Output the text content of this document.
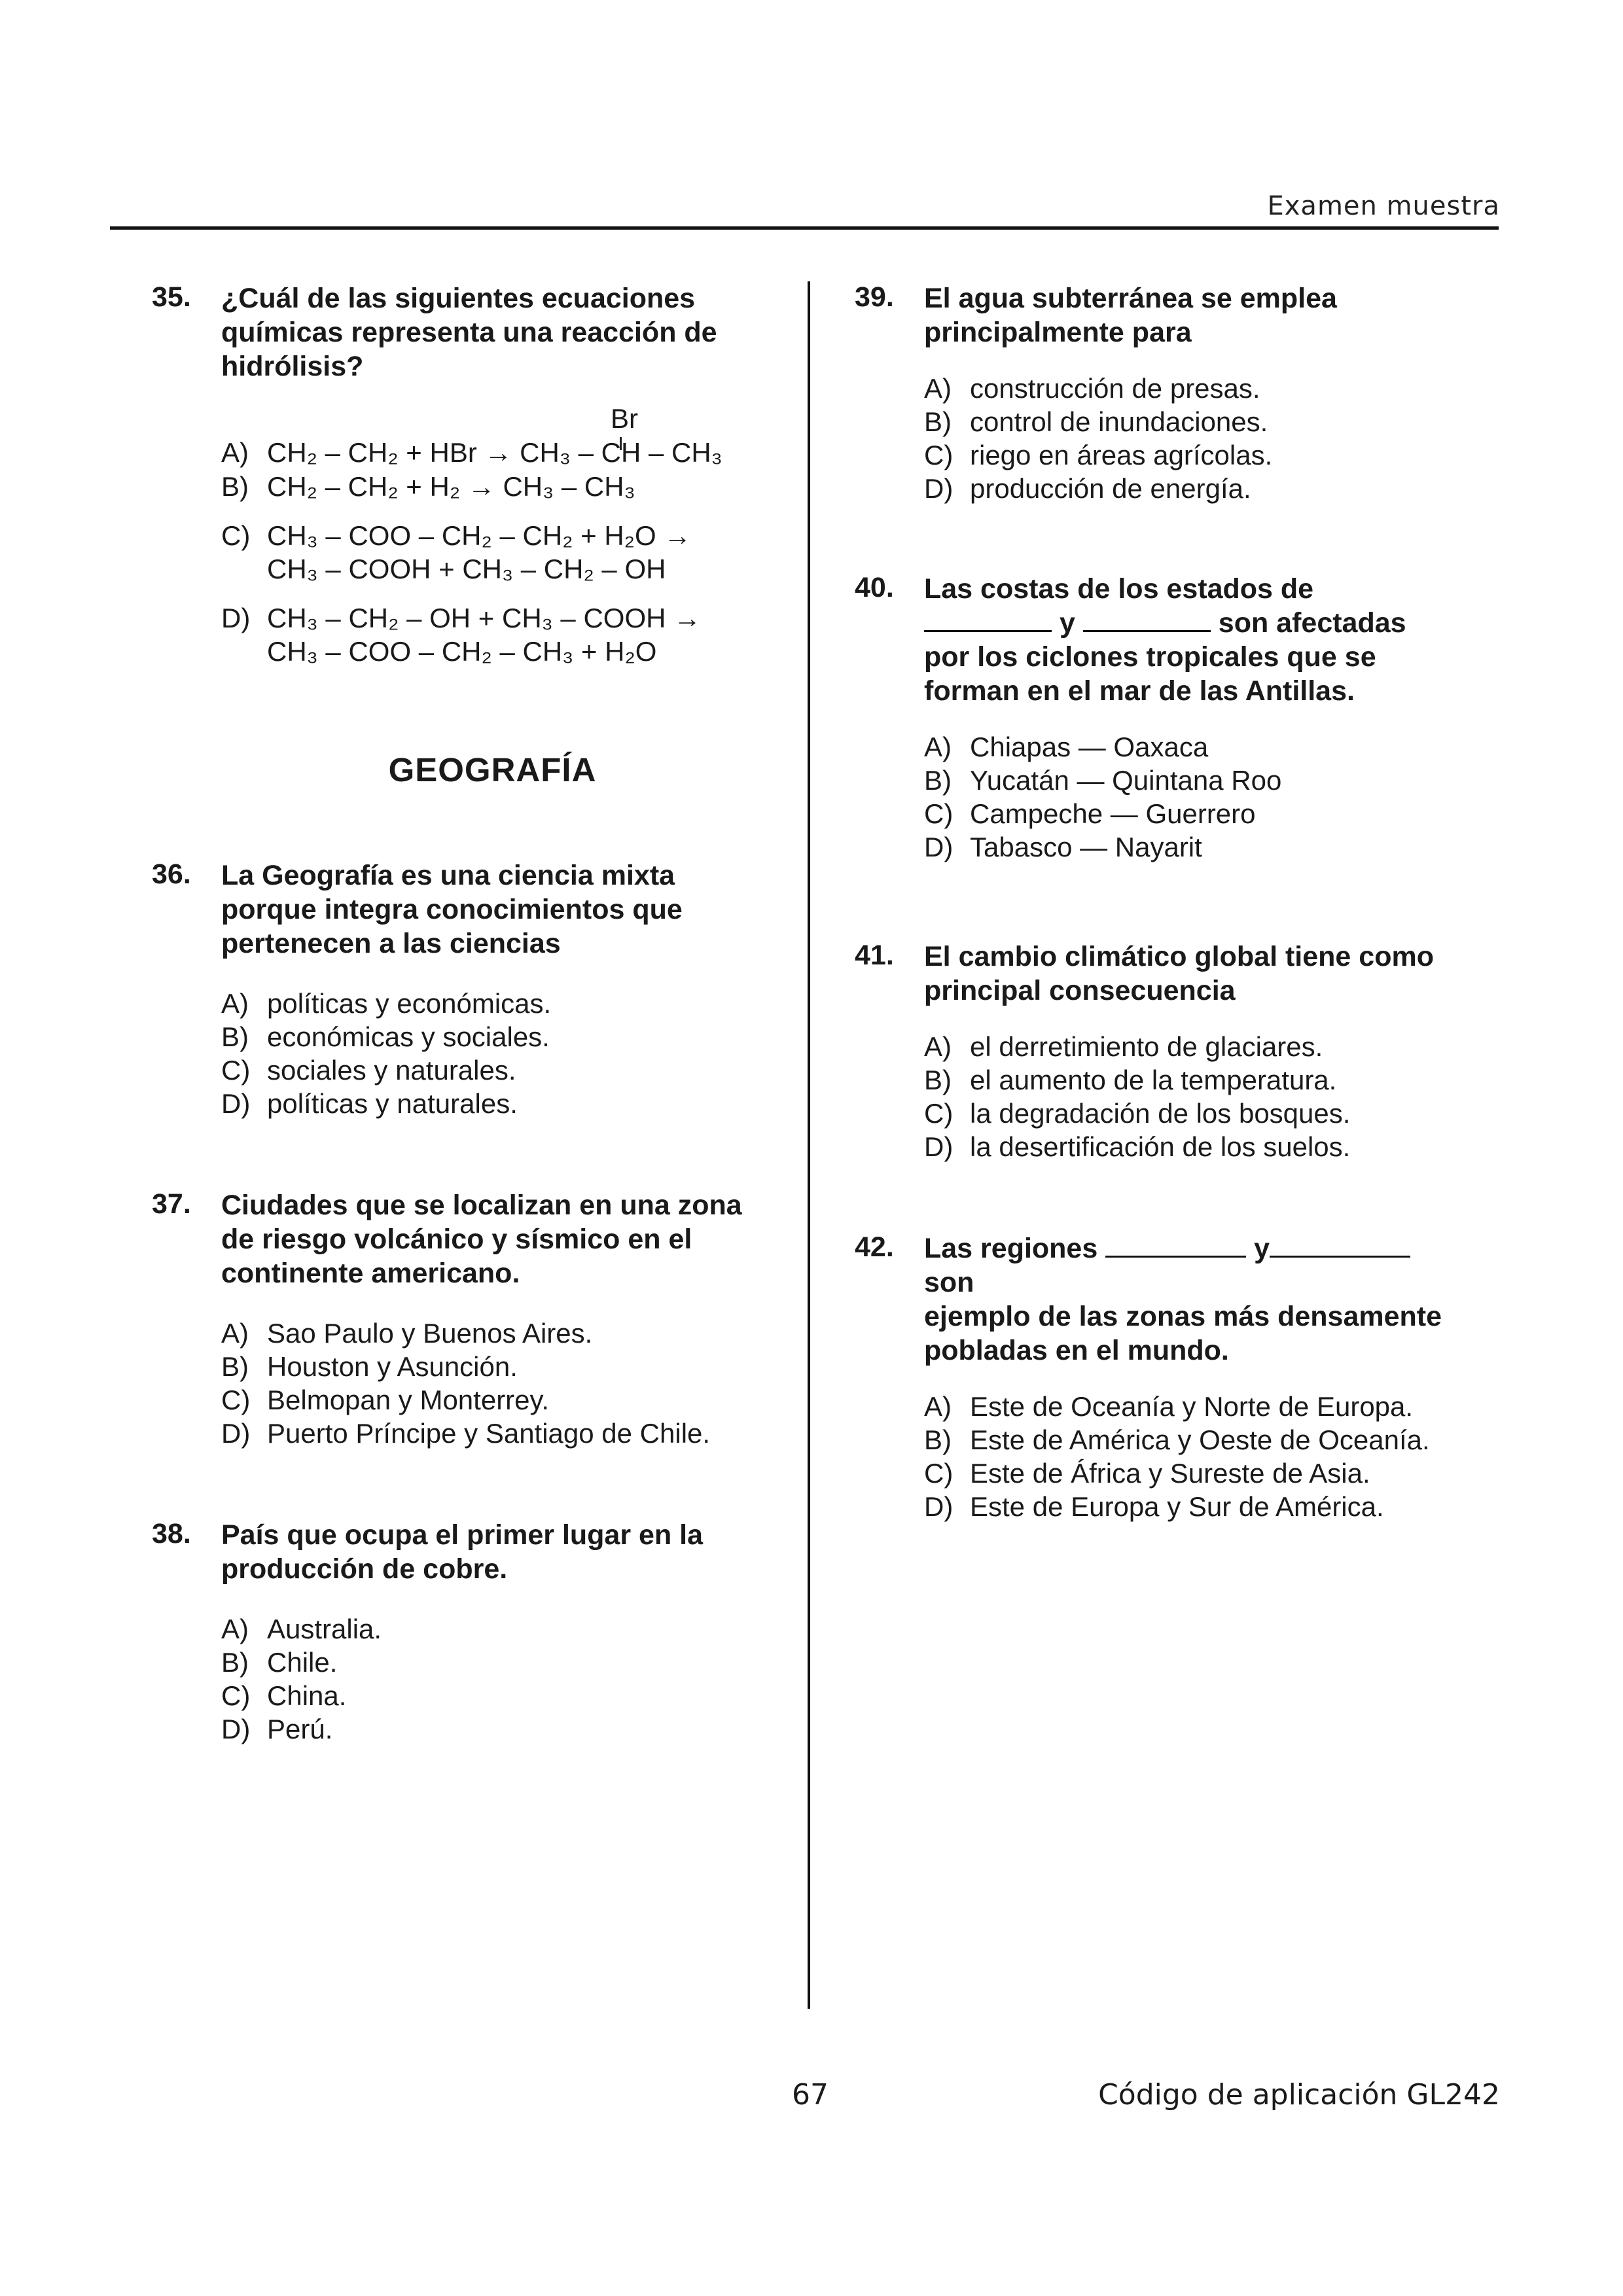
Examen muestra
35. ¿Cuál de las siguientes ecuaciones químicas representa una reacción de hidrólisis?

Br
A) CH₂ – CH₂ + HBr → CH₃ – CH – CH₃
B) CH₂ – CH₂ + H₂ → CH₃ – CH₃
C) CH₃ – COO – CH₂ – CH₂ + H₂O →
CH₃ – COOH + CH₃ – CH₂ – OH
D) CH₃ – CH₂ – OH + CH₃ – COOH →
CH₃ – COO – CH₂ – CH₃ + H₂O
GEOGRAFÍA
36. La Geografía es una ciencia mixta porque integra conocimientos que pertenecen a las ciencias

A) políticas y económicas.
B) económicas y sociales.
C) sociales y naturales.
D) políticas y naturales.
37. Ciudades que se localizan en una zona de riesgo volcánico y sísmico en el continente americano.

A) Sao Paulo y Buenos Aires.
B) Houston y Asunción.
C) Belmopan y Monterrey.
D) Puerto Príncipe y Santiago de Chile.
38. País que ocupa el primer lugar en la producción de cobre.

A) Australia.
B) Chile.
C) China.
D) Perú.
39. El agua subterránea se emplea principalmente para

A) construcción de presas.
B) control de inundaciones.
C) riego en áreas agrícolas.
D) producción de energía.
40. Las costas de los estados de
y	son afectadas
por los ciclones tropicales que se forman en el mar de las Antillas.

A) Chiapas — Oaxaca
B) Yucatán — Quintana Roo
C) Campeche — Guerrero
D) Tabasco — Nayarit
41. El cambio climático global tiene como principal consecuencia

A) el derretimiento de glaciares.
B) el aumento de la temperatura.
C) la degradación de los bosques.
D) la desertificación de los suelos.
42. Las regiones	y son
ejemplo de las zonas más densamente pobladas en el mundo.

A) Este de Oceanía y Norte de Europa.
B) Este de América y Oeste de Oceanía.
C) Este de África y Sureste de Asia.
D) Este de Europa y Sur de América.
67	Código de aplicación GL242
